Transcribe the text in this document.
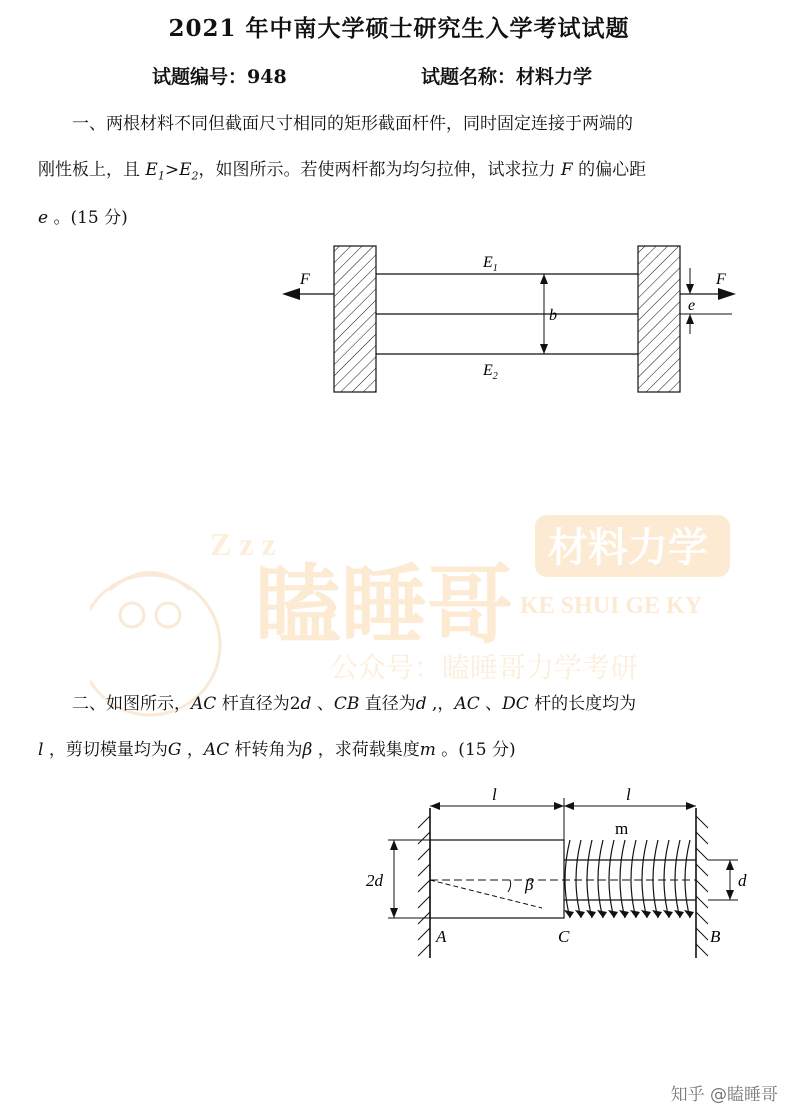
2021 年中南大学硕士研究生入学考试试题
试题编号：948	试题名称：材料力学
一、两根材料不同但截面尺寸相同的矩形截面杆件，同时固定连接于两端的
刚性板上，且 $E_1>E_2$，如图所示。若使两杆都为均匀拉伸，试求拉力 F 的偏心距
e 。(15 分)
F	F
e
b
$E_1$
$E_2$
Z z z
瞌睡哥
材料力学
KE SHUI GE KY
公众号：瞌睡哥力学考研
二、如图所示，AC 杆直径为2d 、CB 直径为d ,，AC 、DC 杆的长度均为
l ，剪切模量均为G ，AC 杆转角为β ，求荷载集度m 。(15 分)
β
l	l
m
2d	d
A	C	B
知乎 @瞌睡哥
